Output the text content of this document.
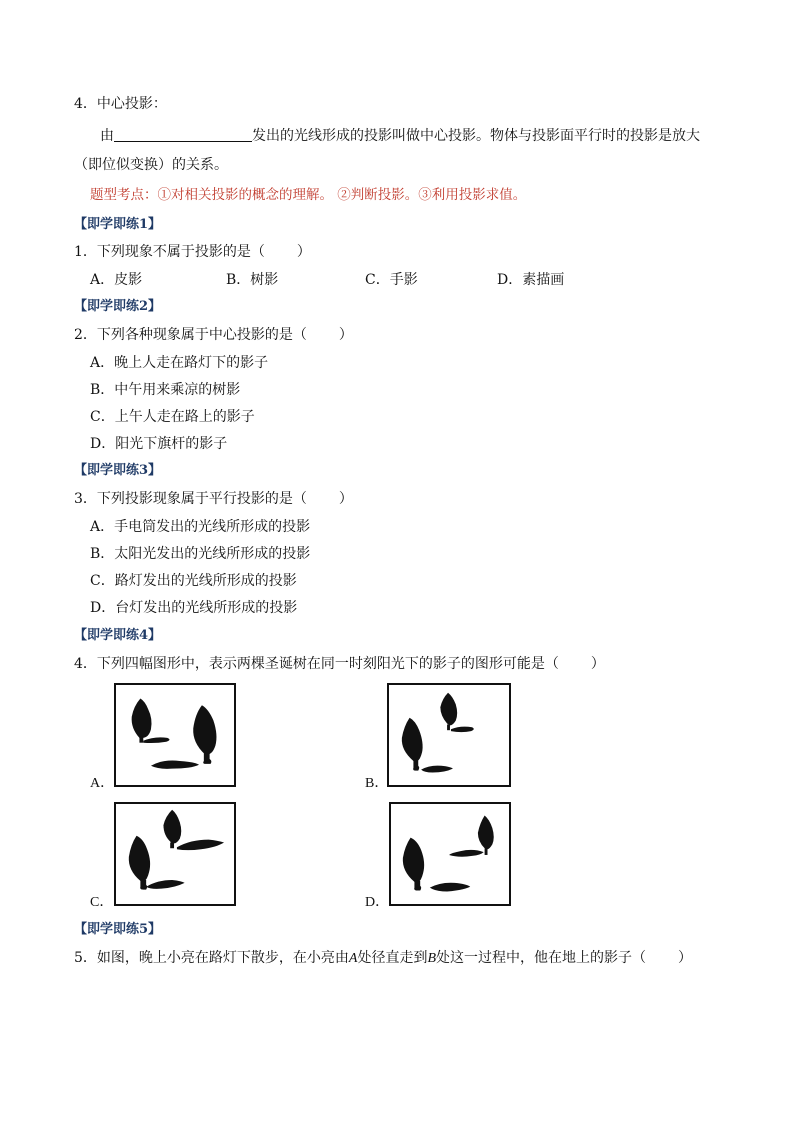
4．中心投影：
由	发出的光线形成的投影叫做中心投影。物体与投影面平行时的投影是放大
（即位似变换）的关系。
题型考点：①对相关投影的概念的理解。 ②判断投影。③利用投影求值。
【即学即练1】
1．下列现象不属于投影的是（ ）
A．皮影	B．树影	C．手影	D．素描画
【即学即练2】
2．下列各种现象属于中心投影的是（ ）
A．晚上人走在路灯下的影子
B．中午用来乘凉的树影
C．上午人走在路上的影子
D．阳光下旗杆的影子
【即学即练3】
3．下列投影现象属于平行投影的是（ ）
A．手电筒发出的光线所形成的投影
B．太阳光发出的光线所形成的投影
C．路灯发出的光线所形成的投影
D．台灯发出的光线所形成的投影
【即学即练4】
4．下列四幅图形中，表示两棵圣诞树在同一时刻阳光下的影子的图形可能是（ ）
A．	B．
C．	D．
【即学即练5】
5．如图，晚上小亮在路灯下散步，在小亮由A处径直走到B处这一过程中，他在地上的影子（ ）
